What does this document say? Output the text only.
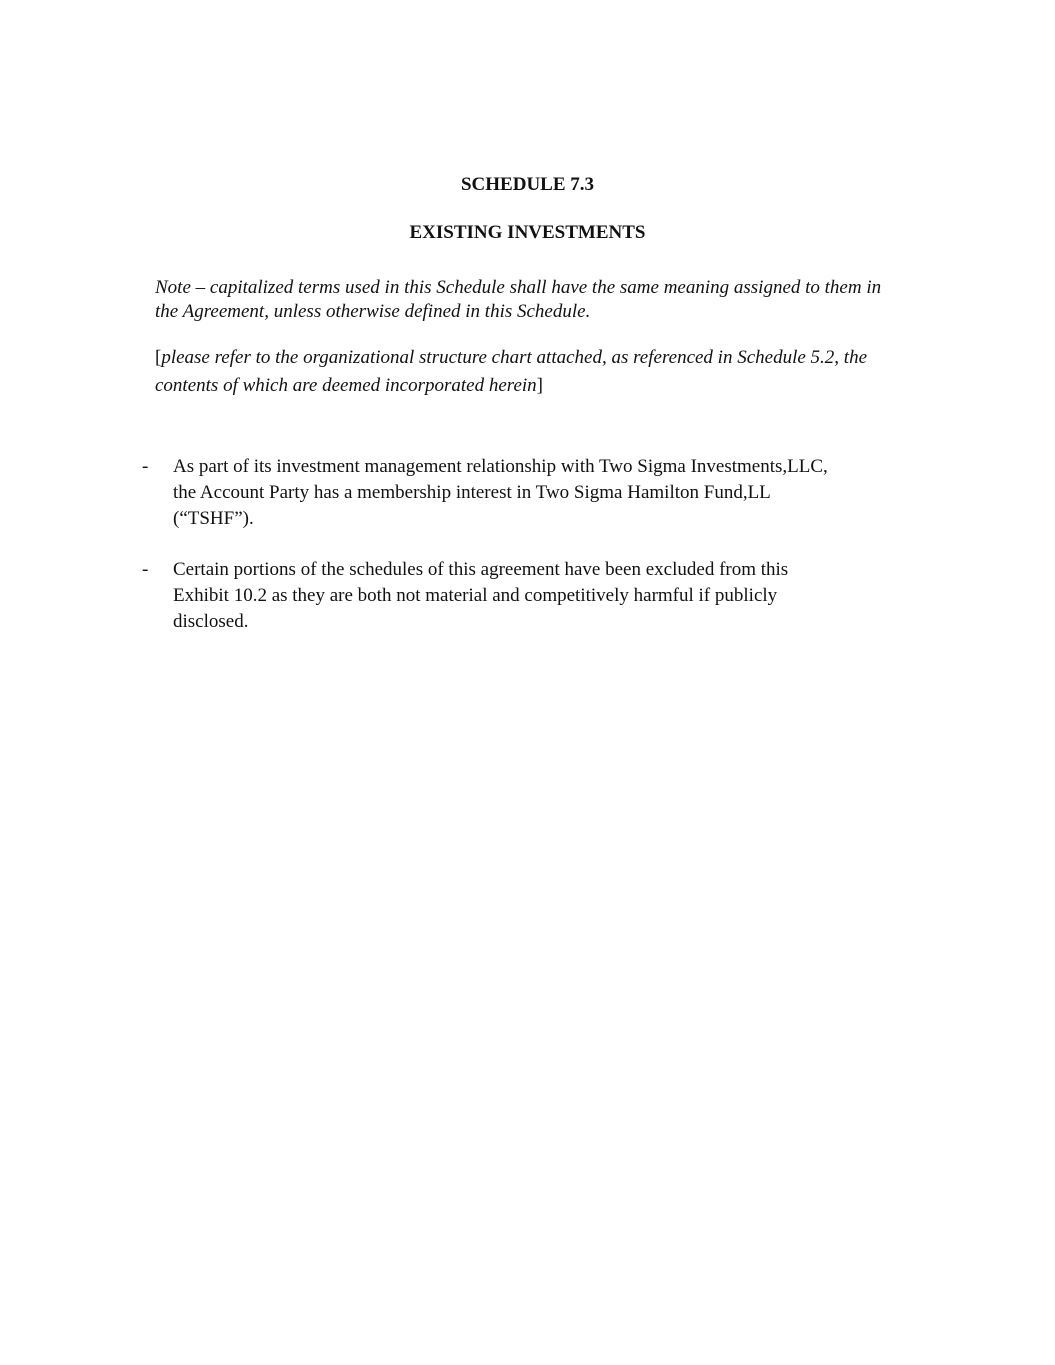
SCHEDULE 7.3
EXISTING INVESTMENTS

Note – capitalized terms used in this Schedule shall have the same meaning assigned to them in the Agreement, unless otherwise defined in this Schedule.

[please refer to the organizational structure chart attached, as referenced in Schedule 5.2, the contents of which are deemed incorporated herein]

- As part of its investment management relationship with Two Sigma Investments,LLC,
the Account Party has a membership interest in Two Sigma Hamilton Fund,LL
(“TSHF”).
- Certain portions of the schedules of this agreement have been excluded from this
Exhibit 10.2 as they are both not material and competitively harmful if publicly
disclosed.
